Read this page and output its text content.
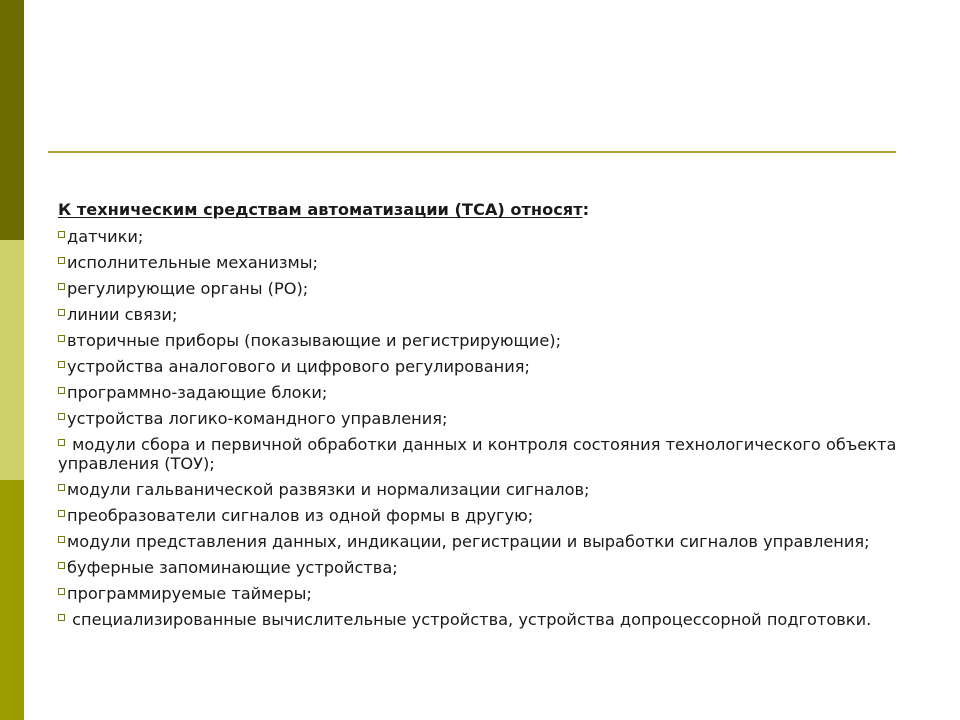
К техническим средствам автоматизации (ТСА) относят:
датчики;
исполнительные механизмы;
регулирующие органы (РО);
линии связи;
вторичные приборы (показывающие и регистрирующие);
устройства аналогового и цифрового регулирования;
программно-задающие блоки;
устройства логико-командного управления;
модули сбора и первичной обработки данных и контроля состояния технологического объекта управления (ТОУ);
модули гальванической развязки и нормализации сигналов;
преобразователи сигналов из одной формы в другую;
модули представления данных, индикации, регистрации и выработки сигналов управления;
буферные запоминающие устройства;
программируемые таймеры;
специализированные вычислительные устройства, устройства допроцессорной подготовки.
